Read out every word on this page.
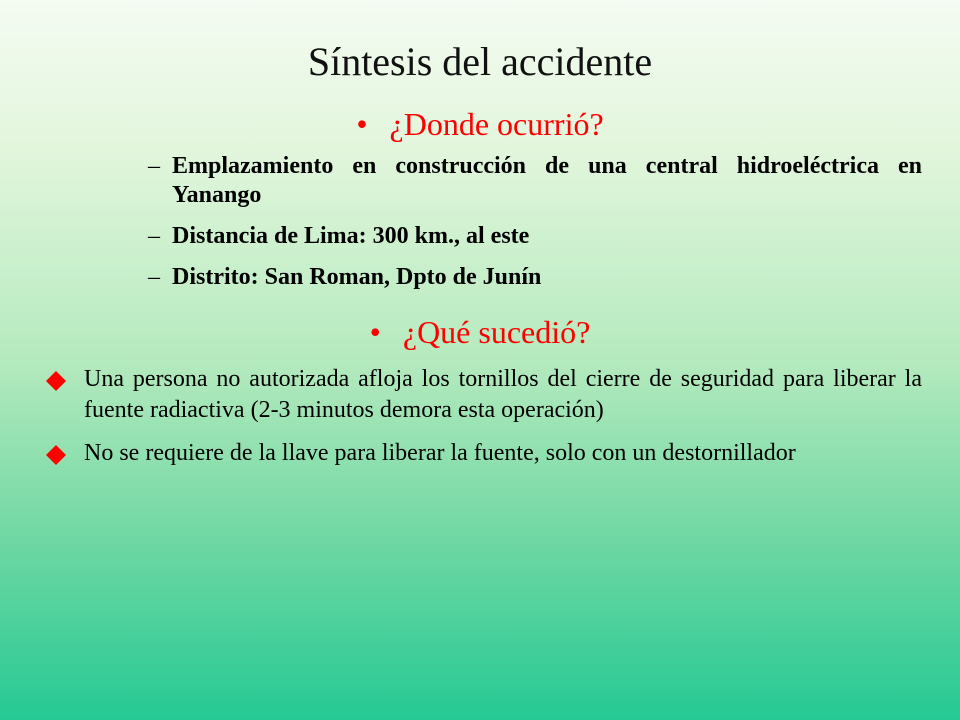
Síntesis del accidente
• ¿Donde ocurrió?
– Emplazamiento en construcción de una central hidroeléctrica en Yanango
– Distancia de Lima: 300 km., al este
– Distrito: San Roman, Dpto de Junín
• ¿Qué sucedió?
Una persona no autorizada afloja los tornillos del cierre de seguridad para liberar la fuente radiactiva (2-3 minutos demora esta operación)
No se requiere de la llave para liberar la fuente, solo con un destornillador
